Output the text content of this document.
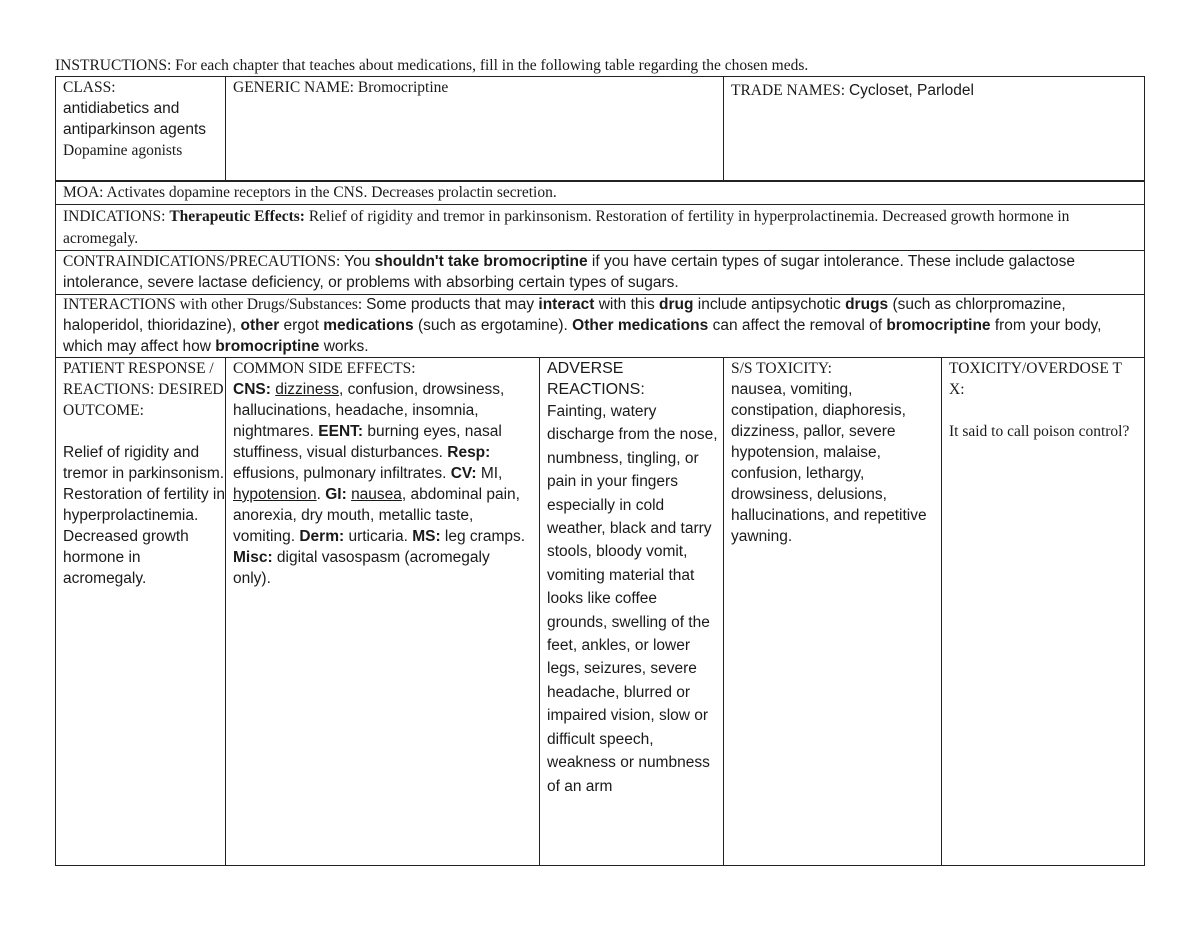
INSTRUCTIONS: For each chapter that teaches about medications, fill in the following table regarding the chosen meds.
CLASS:
antidiabetics and antiparkinson agents
Dopamine agonists
GENERIC NAME: Bromocriptine	TRADE NAMES: Cycloset, Parlodel
MOA: Activates dopamine receptors in the CNS. Decreases prolactin secretion.
INDICATIONS: Therapeutic Effects: Relief of rigidity and tremor in parkinsonism. Restoration of fertility in hyperprolactinemia. Decreased growth hormone in acromegaly.
CONTRAINDICATIONS/PRECAUTIONS: You shouldn't take bromocriptine if you have certain types of sugar intolerance. These include galactose intolerance, severe lactase deficiency, or problems with absorbing certain types of sugars.
INTERACTIONS with other Drugs/Substances: Some products that may interact with this drug include antipsychotic drugs (such as chlorpromazine, haloperidol, thioridazine), other ergot medications (such as ergotamine). Other medications can affect the removal of bromocriptine from your body, which may affect how bromocriptine works.
PATIENT RESPONSE / REACTIONS: DESIRED OUTCOME:
Relief of rigidity and tremor in parkinsonism. Restoration of fertility in hyperprolactinemia. Decreased growth hormone in acromegaly.
COMMON SIDE EFFECTS:
CNS: dizziness, confusion, drowsiness, hallucinations, headache, insomnia, nightmares. EENT: burning eyes, nasal stuffiness, visual disturbances. Resp: effusions, pulmonary infiltrates. CV: MI, hypotension. GI: nausea, abdominal pain, anorexia, dry mouth, metallic taste, vomiting. Derm: urticaria. MS: leg cramps. Misc: digital vasospasm (acromegaly only).
ADVERSE REACTIONS:
Fainting, watery discharge from the nose, numbness, tingling, or pain in your fingers especially in cold weather, black and tarry stools, bloody vomit, vomiting material that looks like coffee grounds, swelling of the feet, ankles, or lower legs, seizures, severe headache, blurred or impaired vision, slow or difficult speech, weakness or numbness of an arm
S/S TOXICITY:
nausea, vomiting, constipation, diaphoresis, dizziness, pallor, severe hypotension, malaise, confusion, lethargy, drowsiness, delusions, hallucinations, and repetitive yawning.
TOXICITY/OVERDOSE TX:
It said to call poison control?
